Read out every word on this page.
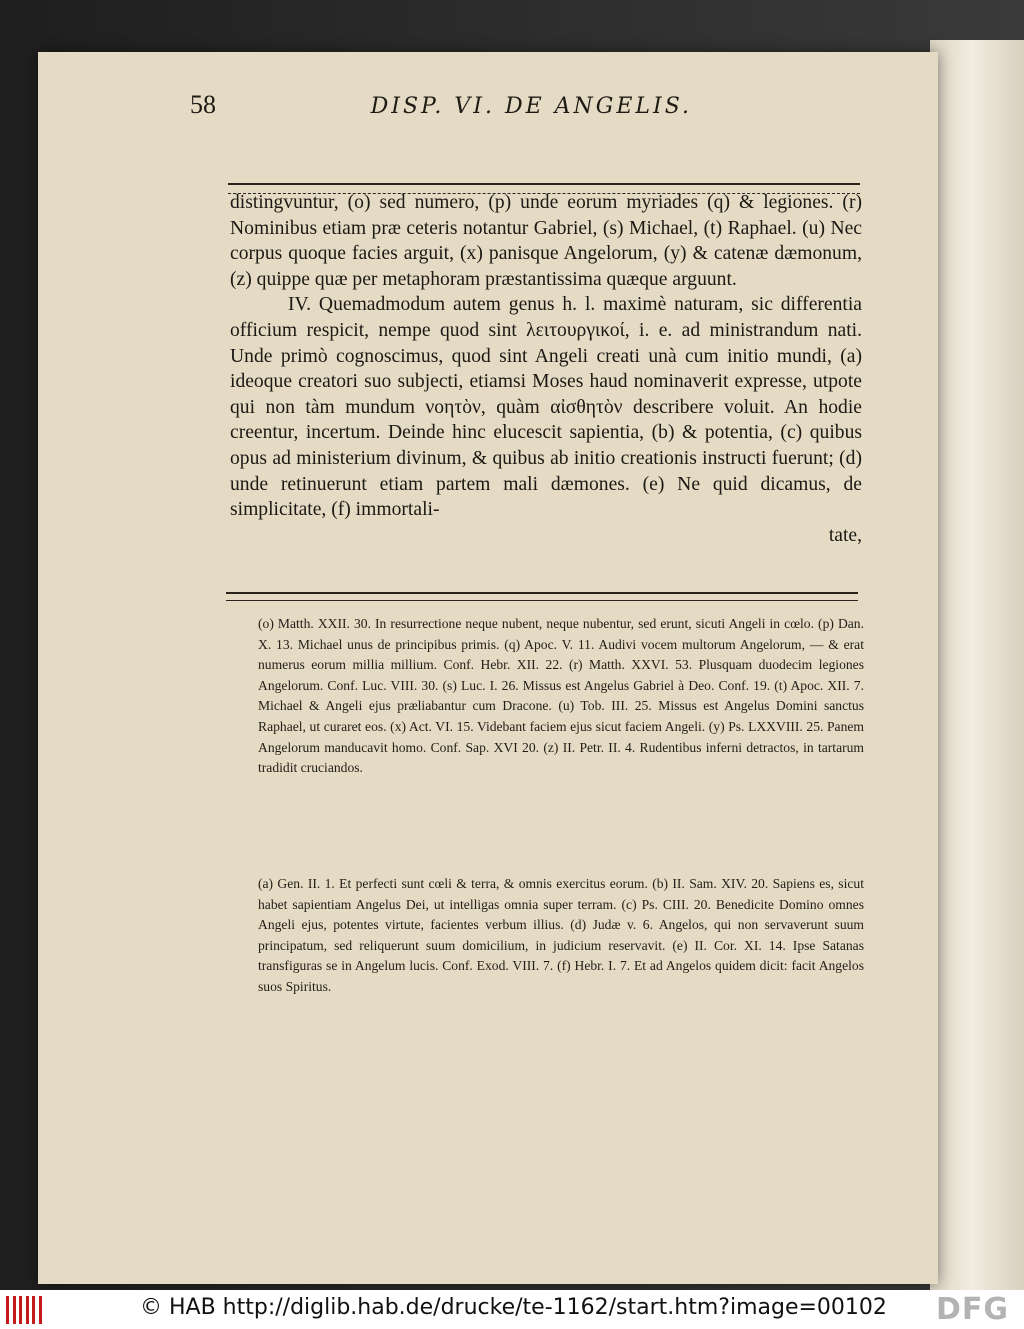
58	DISP. VI. DE ANGELIS.

distingvuntur, (o) sed numero, (p) unde eorum myriades (q) & legiones. (r) Nominibus etiam præ ceteris notantur Gabriel, (s) Michael, (t) Raphael. (u) Nec corpus quoque facies arguit, (x) panisque Angelorum, (y) & catenæ dæmonum, (z) quippe quæ per metaphoram præstantissima quæque arguunt.

IV. Quemadmodum autem genus h. l. maximè naturam, sic differentia officium respicit, nempe quod sint λειτουργικοί, i. e. ad ministrandum nati. Unde primò cognoscimus, quod sint Angeli creati unà cum initio mundi, (a) ideoque creatori suo subjecti, etiamsi Moses haud nominaverit expresse, utpote qui non tàm mundum νοητὸν, quàm αἰσθητὸν describere voluit. An hodie creentur, incertum. Deinde hinc elucescit sapientia, (b) & potentia, (c) quibus opus ad ministerium divinum, & quibus ab initio creationis instructi fuerunt; (d) unde retinuerunt etiam partem mali dæmones. (e) Ne quid dicamus, de simplicitate, (f) immortali-

tate,

(o) Matth. XXII. 30. In resurrectione neque nubent, neque nubentur, sed erunt, sicuti Angeli in cœlo. (p) Dan. X. 13. Michael unus de principibus primis. (q) Apoc. V. 11. Audivi vocem multorum Angelorum, — & erat numerus eorum millia millium. Conf. Hebr. XII. 22. (r) Matth. XXVI. 53. Plusquam duodecim legiones Angelorum. Conf. Luc. VIII. 30. (s) Luc. I. 26. Missus est Angelus Gabriel à Deo. Conf. 19. (t) Apoc. XII. 7. Michael & Angeli ejus præliabantur cum Dracone. (u) Tob. III. 25. Missus est Angelus Domini sanctus Raphael, ut curaret eos. (x) Act. VI. 15. Videbant faciem ejus sicut faciem Angeli. (y) Ps. LXXVIII. 25. Panem Angelorum manducavit homo. Conf. Sap. XVI 20. (z) II. Petr. II. 4. Rudentibus inferni detractos, in tartarum tradidit cruciandos.

(a) Gen. II. 1. Et perfecti sunt cœli & terra, & omnis exercitus eorum. (b) II. Sam. XIV. 20. Sapiens es, sicut habet sapientiam Angelus Dei, ut intelligas omnia super terram. (c) Ps. CIII. 20. Benedicite Domino omnes Angeli ejus, potentes virtute, facientes verbum illius. (d) Judæ v. 6. Angelos, qui non servaverunt suum principatum, sed reliquerunt suum domicilium, in judicium reservavit. (e) II. Cor. XI. 14. Ipse Satanas transfiguras se in Angelum lucis. Conf. Exod. VIII. 7. (f) Hebr. I. 7. Et ad Angelos quidem dicit: facit Angelos suos Spiritus.

© HAB http://diglib.hab.de/drucke/te-1162/start.htm?image=00102 DFG
